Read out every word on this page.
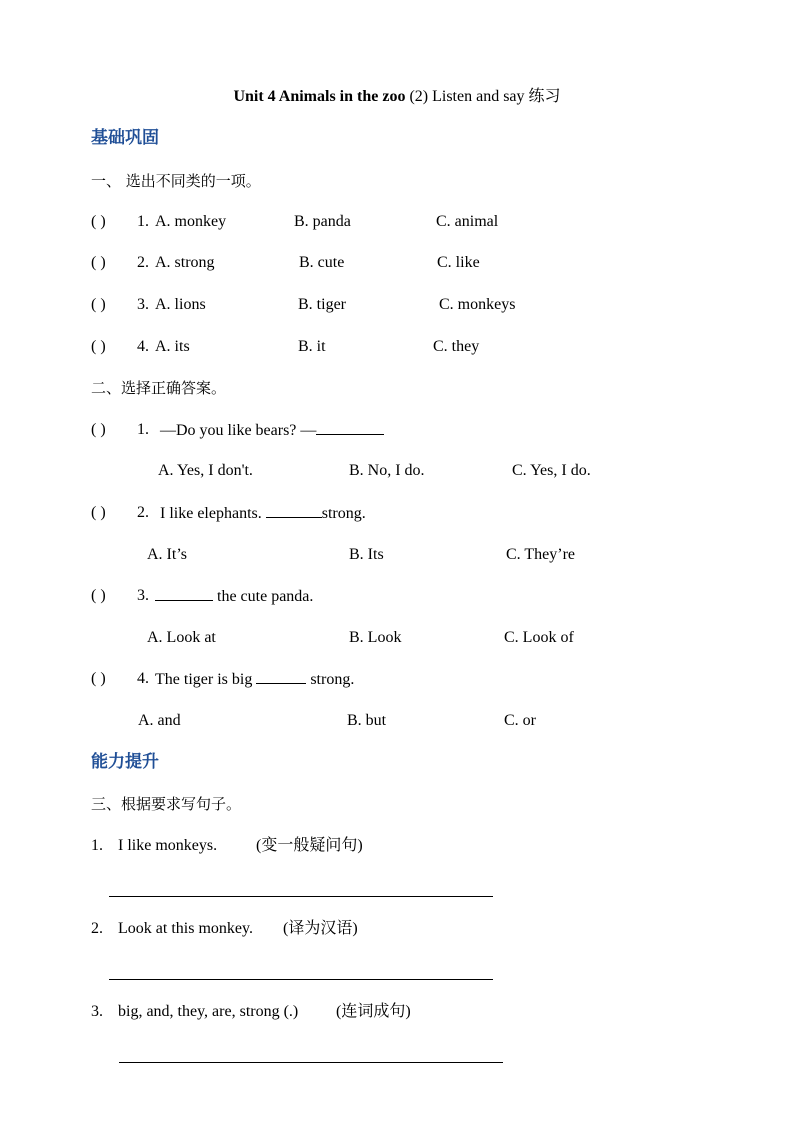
Unit 4 Animals in the zoo (2) Listen and say 练习
基础巩固
一、 选出不同类的一项。
( ) 1. A. monkey	B. panda	C. animal
( ) 2. A. strong	B. cute	C. like
( ) 3. A. lions	B. tiger	C. monkeys
( ) 4. A. its	B. it	C. they
二、选择正确答案。
( ) 1. —Do you like bears? —
A. Yes, I don't.	B. No, I do.	C. Yes, I do.
( ) 2. I like elephants.	strong.
A. It’s	B. Its	C. They’re
( ) 3.	the cute panda.
A. Look at	B. Look	C. Look of
( ) 4. The tiger is big	strong.
A. and	B. but	C. or
能力提升
三、根据要求写句子。
1. I like monkeys. (变一般疑问句)
2. Look at this monkey. (译为汉语)
3. big, and, they, are, strong (.) (连词成句)
